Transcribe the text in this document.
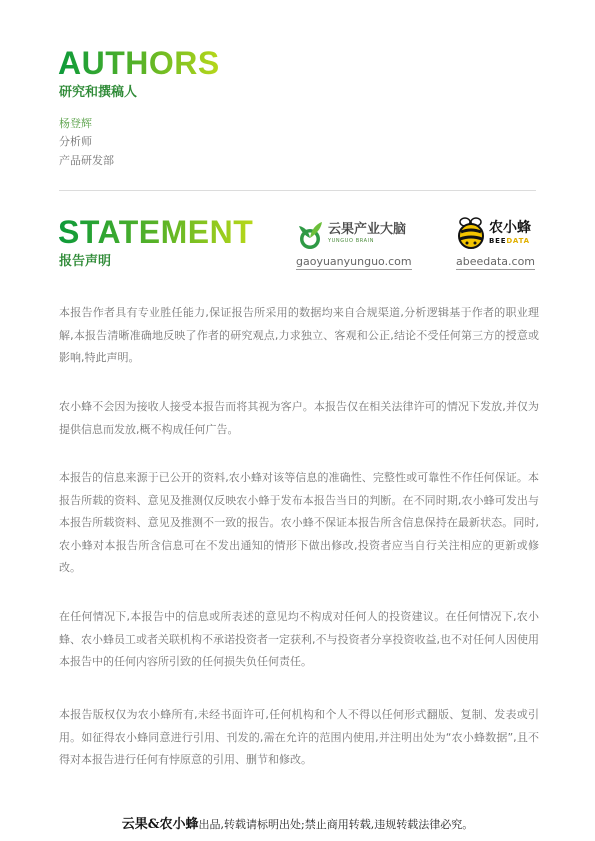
AUTHORS
研究和撰稿人
杨登辉
分析师
产品研发部
STATEMENT
报告声明
云果产业大脑
YUNGUO BRAIN
gaoyuanyunguo.com
农小蜂
BEEDATA
abeedata.com

本报告作者具有专业胜任能力,保证报告所采用的数据均来自合规渠道,分析逻辑基于作者的职业理解,本报告清晰准确地反映了作者的研究观点,力求独立、客观和公正,结论不受任何第三方的授意或影响,特此声明。

农小蜂不会因为接收人接受本报告而将其视为客户。本报告仅在相关法律许可的情况下发放,并仅为提供信息而发放,概不构成任何广告。

本报告的信息来源于已公开的资料,农小蜂对该等信息的准确性、完整性或可靠性不作任何保证。本报告所载的资料、意见及推测仅反映农小蜂于发布本报告当日的判断。在不同时期,农小蜂可发出与本报告所载资料、意见及推测不一致的报告。农小蜂不保证本报告所含信息保持在最新状态。同时,农小蜂对本报告所含信息可在不发出通知的情形下做出修改,投资者应当自行关注相应的更新或修改。

在任何情况下,本报告中的信息或所表述的意见均不构成对任何人的投资建议。在任何情况下,农小蜂、农小蜂员工或者关联机构不承诺投资者一定获利,不与投资者分享投资收益,也不对任何人因使用本报告中的任何内容所引致的任何损失负任何责任。

本报告版权仅为农小蜂所有,未经书面许可,任何机构和个人不得以任何形式翻版、复制、发表或引用。如征得农小蜂同意进行引用、刊发的,需在允许的范围内使用,并注明出处为“农小蜂数据”,且不得对本报告进行任何有悖原意的引用、删节和修改。

云果&农小蜂出品,转载请标明出处;禁止商用转载,违规转载法律必究。
